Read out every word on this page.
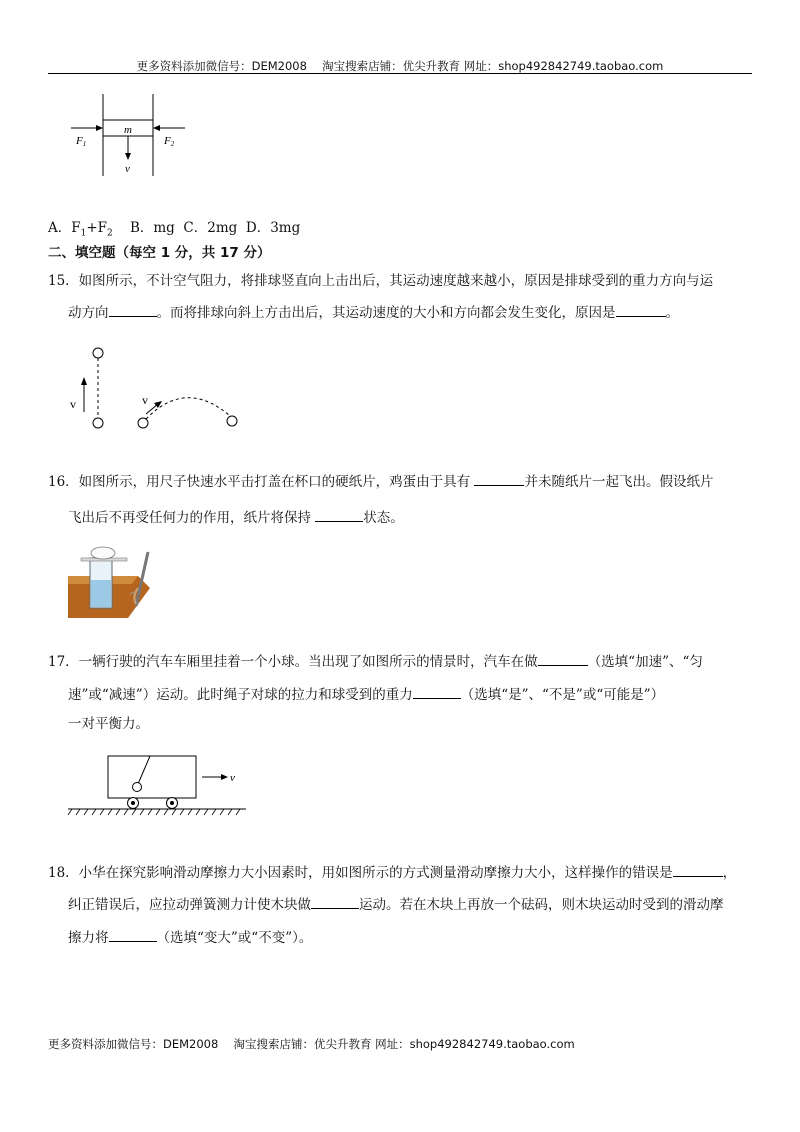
更多资料添加微信号：DEM2008　 淘宝搜索店铺：优尖升教育 网址：shop492842749.taobao.com
m
F1	F2
v
A．$F_1+F_2$ B．mg C．2mg D．3mg
二、填空题（每空 1 分，共 17 分）
15．如图所示，不计空气阻力，将排球竖直向上击出后，其运动速度越来越小，原因是排球受到的重力方向与运
动方向	。而将排球向斜上方击出后，其运动速度的大小和方向都会发生变化，原因是	。
v	v
16．如图所示，用尺子快速水平击打盖在杯口的硬纸片，鸡蛋由于具有	并未随纸片一起飞出。假设纸片
飞出后不再受任何力的作用，纸片将保持	状态。
17．一辆行驶的汽车车厢里挂着一个小球。当出现了如图所示的情景时，汽车在做	（选填“加速”、“匀
速”或“减速”）运动。此时绳子对球的拉力和球受到的重力	（选填“是”、“不是”或“可能是”）
一对平衡力。
v
18．小华在探究影响滑动摩擦力大小因素时，用如图所示的方式测量滑动摩擦力大小，这样操作的错误是	，
纠正错误后，应拉动弹簧测力计使木块做	运动。若在木块上再放一个砝码，则木块运动时受到的滑动摩
擦力将	（选填“变大”或“不变”）。
更多资料添加微信号：DEM2008　 淘宝搜索店铺：优尖升教育 网址：shop492842749.taobao.com
